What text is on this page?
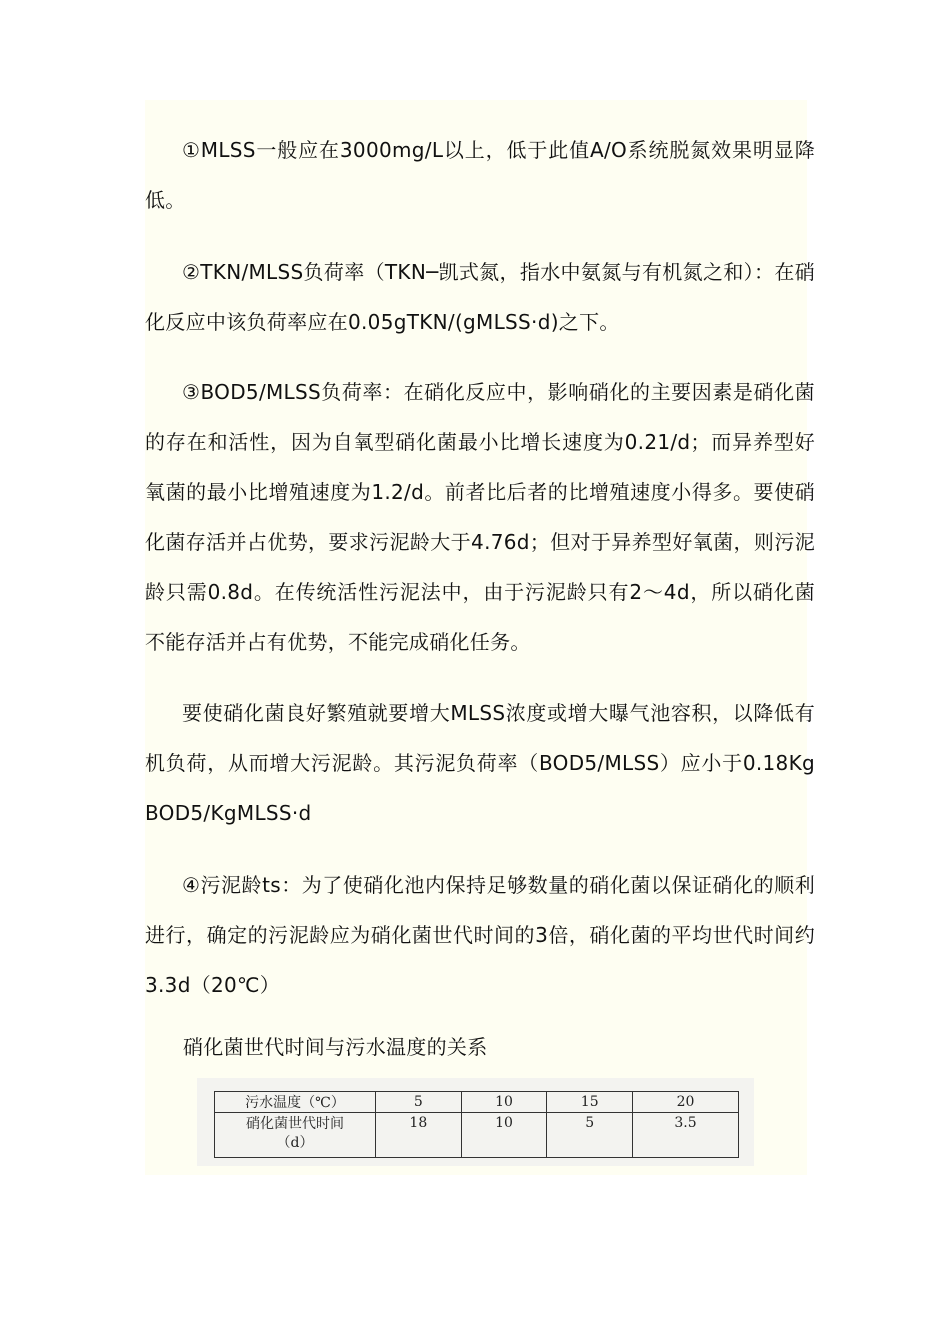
①MLSS一般应在3000mg/L以上，低于此值A/O系统脱氮效果明显降低。

②TKN/MLSS负荷率（TKN─凯式氮，指水中氨氮与有机氮之和）：在硝化反应中该负荷率应在0.05gTKN/(gMLSS·d)之下。

③BOD5/MLSS负荷率：在硝化反应中，影响硝化的主要因素是硝化菌的存在和活性，因为自氧型硝化菌最小比增长速度为0.21/d；而异养型好氧菌的最小比增殖速度为1.2/d。前者比后者的比增殖速度小得多。要使硝化菌存活并占优势，要求污泥龄大于4.76d；但对于异养型好氧菌，则污泥龄只需0.8d。在传统活性污泥法中，由于污泥龄只有2～4d，所以硝化菌不能存活并占有优势，不能完成硝化任务。

要使硝化菌良好繁殖就要增大MLSS浓度或增大曝气池容积，以降低有机负荷，从而增大污泥龄。其污泥负荷率（BOD5/MLSS）应小于0.18KgBOD5/KgMLSS·d

④污泥龄ts：为了使硝化池内保持足够数量的硝化菌以保证硝化的顺利进行，确定的污泥龄应为硝化菌世代时间的3倍，硝化菌的平均世代时间约3.3d（20℃）

硝化菌世代时间与污水温度的关系

污水温度（℃）	5	10	15	20

硝化菌世代时间
（d）	18	10	5	3.5
